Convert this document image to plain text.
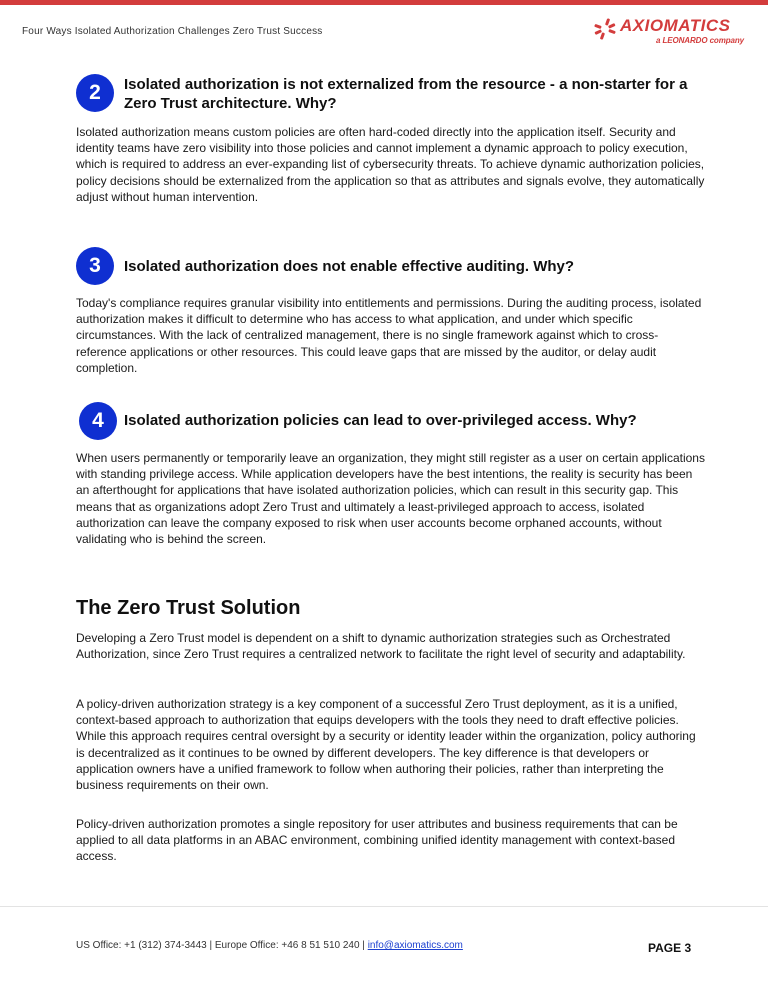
Four Ways Isolated Authorization Challenges Zero Trust Success	AXIOMATICS
a LEONARDO company
2	Isolated authorization is not externalized from the resource - a non-starter for a Zero Trust architecture. Why?
Isolated authorization means custom policies are often hard-coded directly into the application itself. Security and identity teams have zero visibility into those policies and cannot implement a dynamic approach to policy execution, which is required to address an ever-expanding list of cybersecurity threats. To achieve dynamic authorization policies, policy decisions should be externalized from the application so that as attributes and signals evolve, they automatically adjust without human intervention.
3	Isolated authorization does not enable effective auditing. Why?
Today's compliance requires granular visibility into entitlements and permissions. During the auditing process, isolated authorization makes it difficult to determine who has access to what application, and under which specific circumstances. With the lack of centralized management, there is no single framework against which to cross-reference applications or other resources. This could leave gaps that are missed by the auditor, or delay audit completion.
4	Isolated authorization policies can lead to over-privileged access. Why?
When users permanently or temporarily leave an organization, they might still register as a user on certain applications with standing privilege access. While application developers have the best intentions, the reality is security has been an afterthought for applications that have isolated authorization policies, which can result in this security gap. This means that as organizations adopt Zero Trust and ultimately a least-privileged approach to access, isolated authorization can leave the company exposed to risk when user accounts become orphaned accounts, without validating who is behind the screen.
The Zero Trust Solution
Developing a Zero Trust model is dependent on a shift to dynamic authorization strategies such as Orchestrated Authorization, since Zero Trust requires a centralized network to facilitate the right level of security and adaptability.
A policy-driven authorization strategy is a key component of a successful Zero Trust deployment, as it is a unified, context-based approach to authorization that equips developers with the tools they need to draft effective policies. While this approach requires central oversight by a security or identity leader within the organization, policy authoring is decentralized as it continues to be owned by different developers. The key difference is that developers or application owners have a unified framework to follow when authoring their policies, rather than interpreting the business requirements on their own.
Policy-driven authorization promotes a single repository for user attributes and business requirements that can be applied to all data platforms in an ABAC environment, combining unified identity management with context-based access.
US Office: +1 (312) 374-3443 | Europe Office: +46 8 51 510 240 | info@axiomatics.com	PAGE 3
